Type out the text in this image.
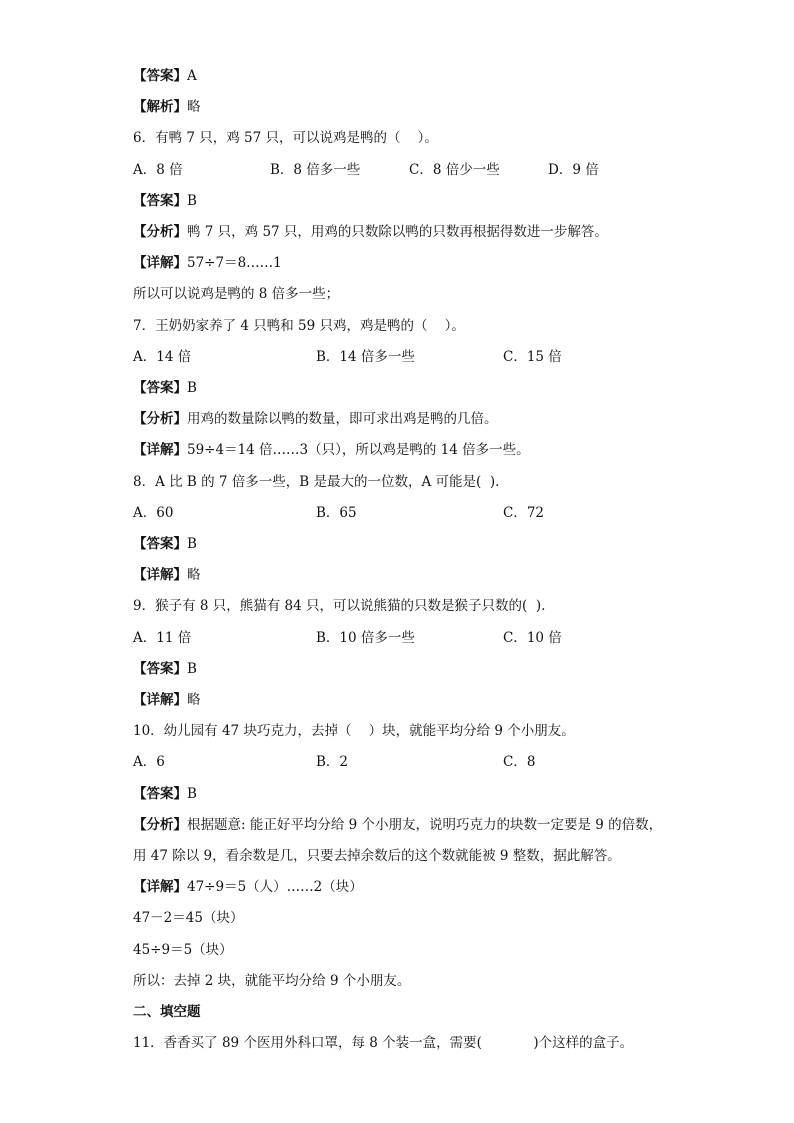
【答案】A
【解析】略
6．有鸭 7 只，鸡 57 只，可以说鸡是鸭的（    ）。
A．8 倍	B．8 倍多一些	C．8 倍少一些	D．9 倍
【答案】B
【分析】鸭 7 只，鸡 57 只，用鸡的只数除以鸭的只数再根据得数进一步解答。
【详解】57÷7＝8……1
所以可以说鸡是鸭的 8 倍多一些；
7．王奶奶家养了 4 只鸭和 59 只鸡，鸡是鸭的（    ）。
A．14 倍	B．14 倍多一些	C．15 倍
【答案】B
【分析】用鸡的数量除以鸭的数量，即可求出鸡是鸭的几倍。
【详解】59÷4＝14 倍……3（只），所以鸡是鸭的 14 倍多一些。
8．A 比 B 的 7 倍多一些，B 是最大的一位数，A 可能是(  ).
A．60	B．65	C．72
【答案】B
【详解】略
9．猴子有 8 只，熊猫有 84 只，可以说熊猫的只数是猴子只数的(  ).
A．11 倍	B．10 倍多一些	C．10 倍
【答案】B
【详解】略
10．幼儿园有 47 块巧克力，去掉（    ）块，就能平均分给 9 个小朋友。
A．6	B．2	C．8
【答案】B
【分析】根据题意: 能正好平均分给 9 个小朋友，说明巧克力的块数一定要是 9 的倍数，
用 47 除以 9，看余数是几，只要去掉余数后的这个数就能被 9 整数，据此解答。
【详解】47÷9＝5（人）……2（块）
47－2＝45（块）
45÷9＝5（块）
所以：去掉 2 块，就能平均分给 9 个小朋友。
二、填空题
11．香香买了 89 个医用外科口罩，每 8 个装一盒，需要(            )个这样的盒子。
